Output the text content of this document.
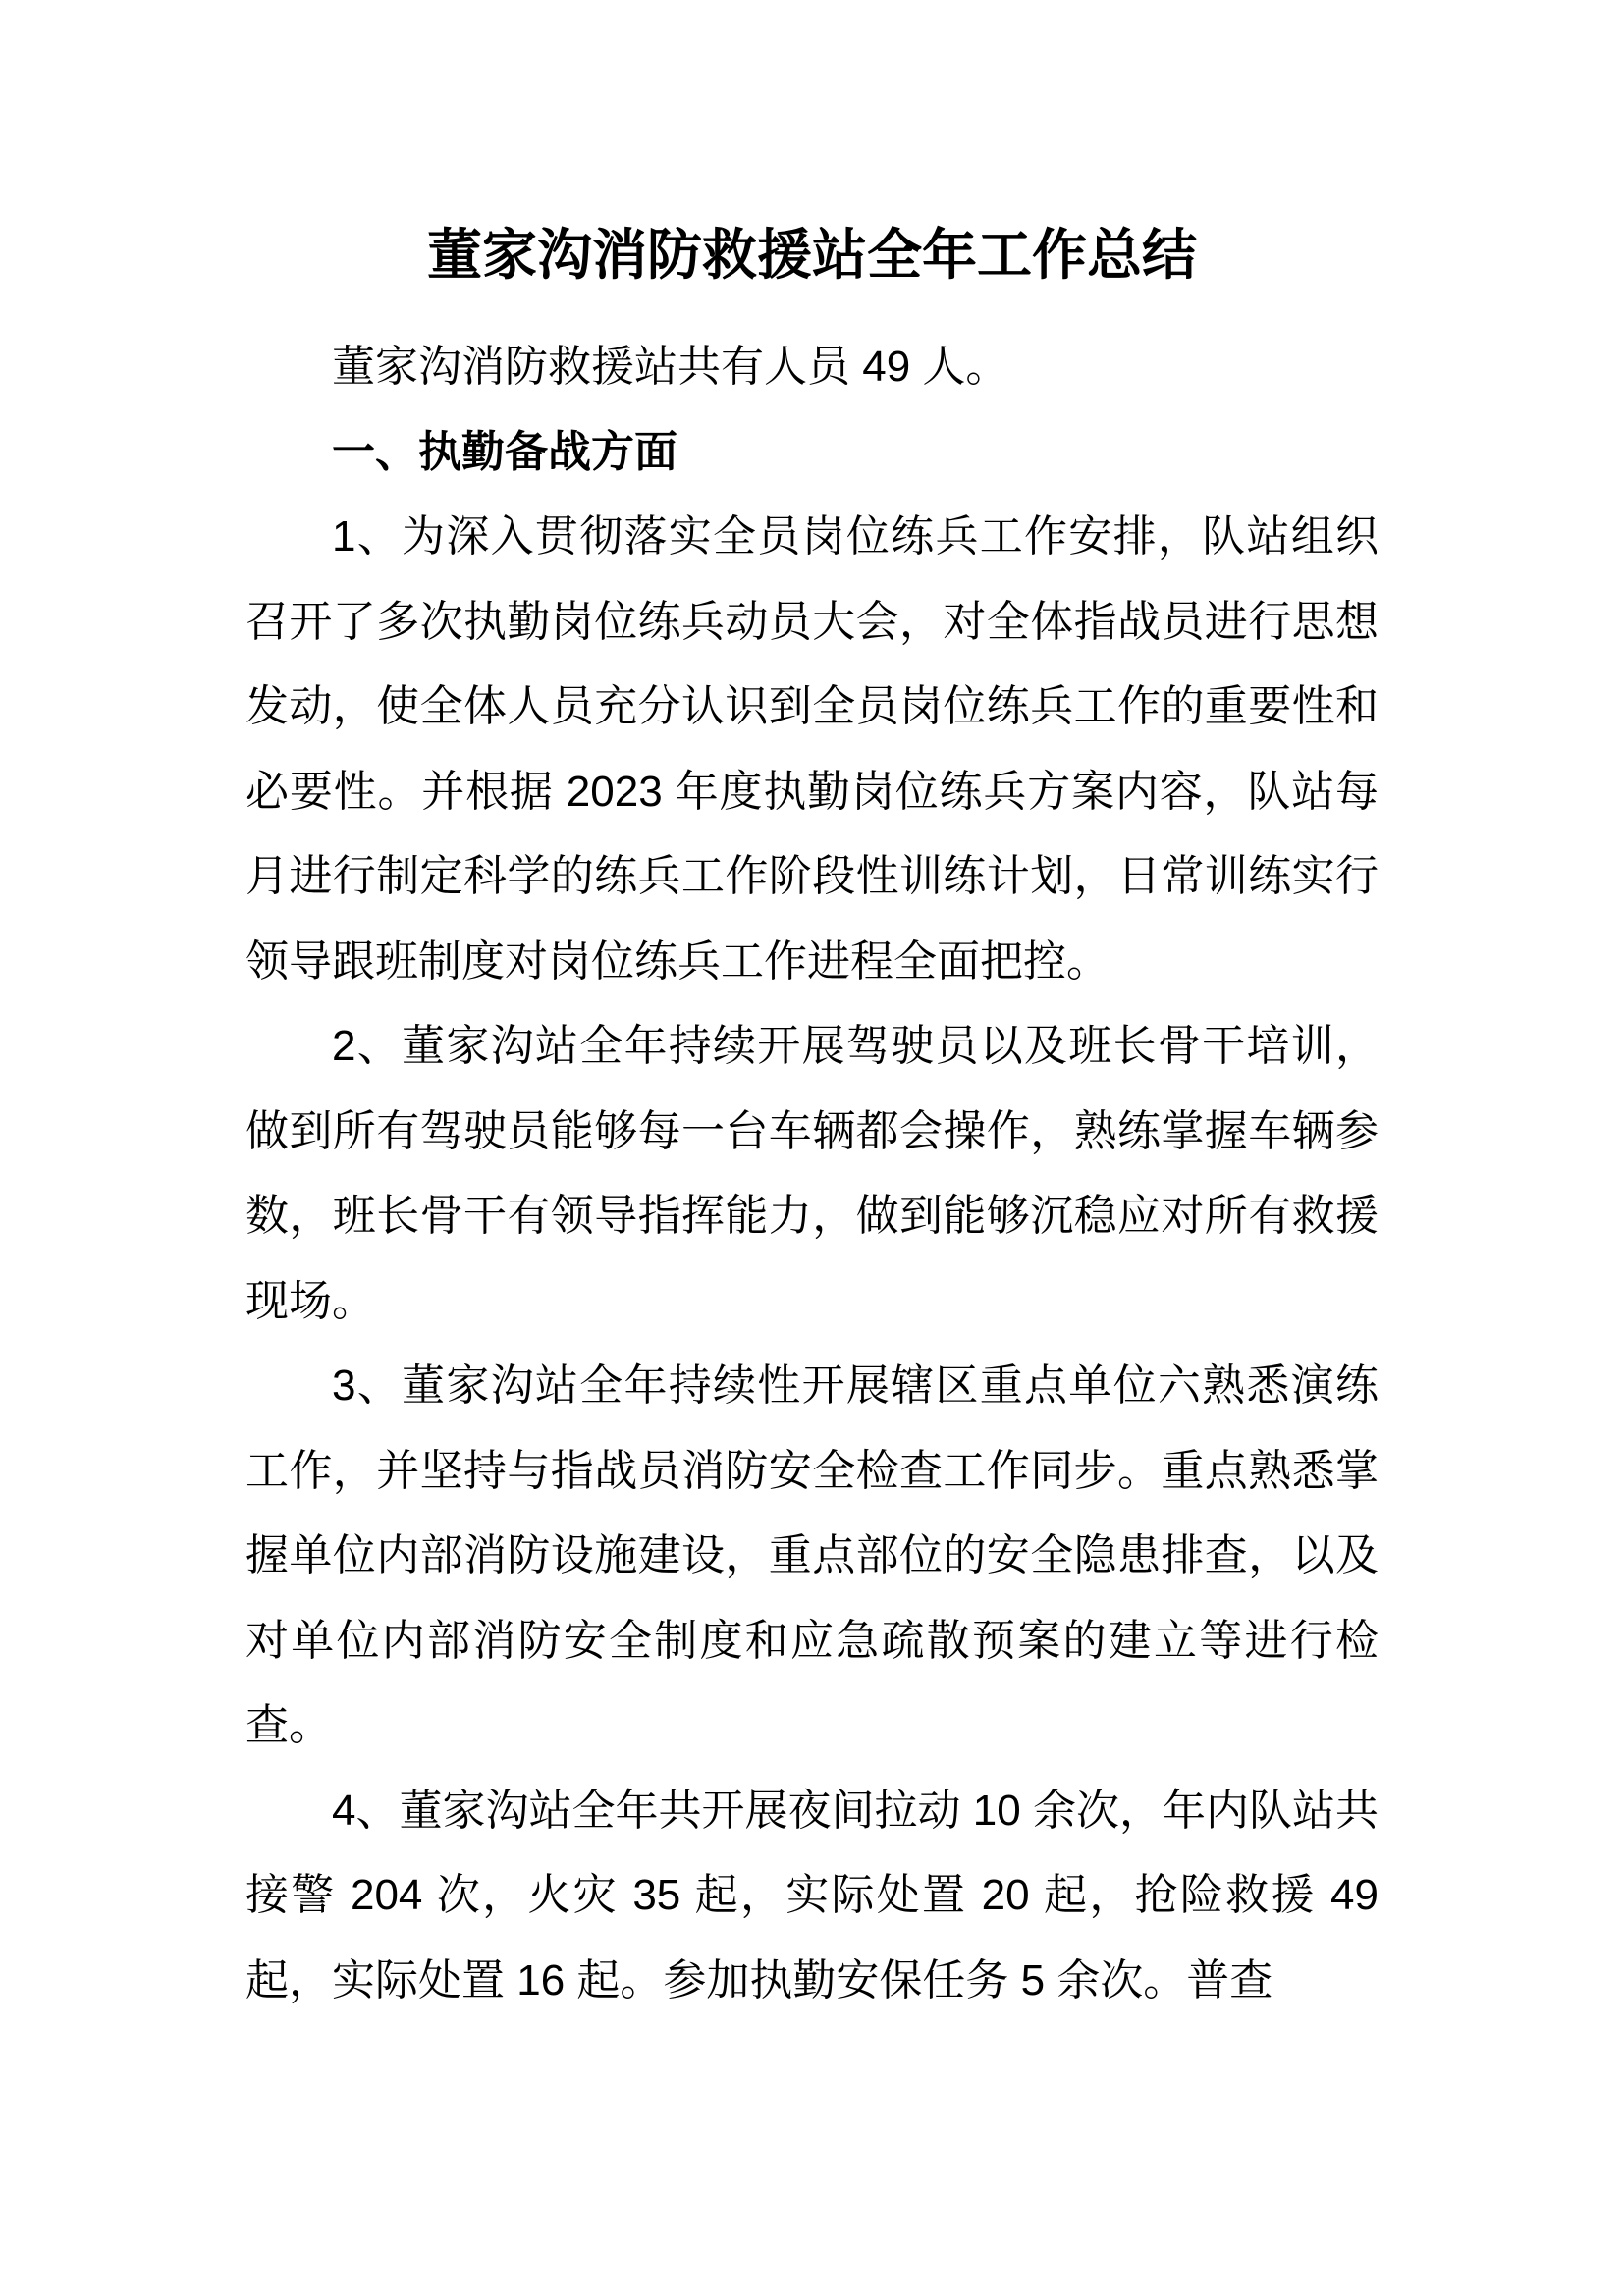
董家沟消防救援站全年工作总结

董家沟消防救援站共有人员 49 人。

一、执勤备战方面

1、为深入贯彻落实全员岗位练兵工作安排，队站组织召开了多次执勤岗位练兵动员大会，对全体指战员进行思想发动，使全体人员充分认识到全员岗位练兵工作的重要性和必要性。并根据 2023 年度执勤岗位练兵方案内容，队站每月进行制定科学的练兵工作阶段性训练计划，日常训练实行领导跟班制度对岗位练兵工作进程全面把控。

2、董家沟站全年持续开展驾驶员以及班长骨干培训，做到所有驾驶员能够每一台车辆都会操作，熟练掌握车辆参数，班长骨干有领导指挥能力，做到能够沉稳应对所有救援现场。

3、董家沟站全年持续性开展辖区重点单位六熟悉演练工作，并坚持与指战员消防安全检查工作同步。重点熟悉掌握单位内部消防设施建设，重点部位的安全隐患排查，以及对单位内部消防安全制度和应急疏散预案的建立等进行检查。

4、董家沟站全年共开展夜间拉动 10 余次，年内队站共接警 204 次，火灾 35 起，实际处置 20 起，抢险救援 49 起，实际处置 16 起。参加执勤安保任务 5 余次。普查
